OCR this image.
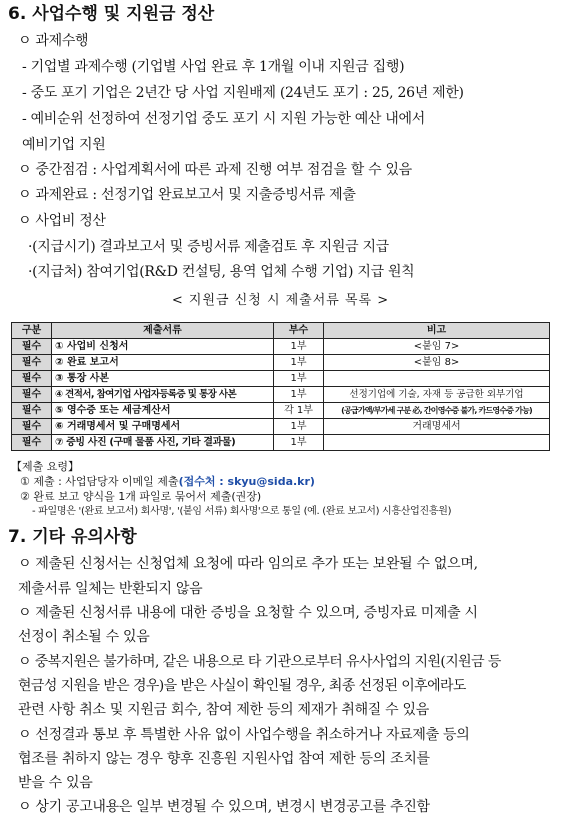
6. 사업수행 및 지원금 정산
ㅇ 과제수행
- 기업별 과제수행 (기업별 사업 완료 후 1개월 이내 지원금 집행)
- 중도 포기 기업은 2년간 당 사업 지원배제 (24년도 포기 : 25, 26년 제한)
- 예비순위 선정하여 선정기업 중도 포기 시 지원 가능한 예산 내에서
예비기업 지원
ㅇ 중간점검 : 사업계획서에 따른 과제 진행 여부 점검을 할 수 있음
ㅇ 과제완료 : 선정기업 완료보고서 및 지출증빙서류 제출
ㅇ 사업비 정산
·(지급시기) 결과보고서 및 증빙서류 제출검토 후 지원금 지급
·(지급처) 참여기업(R&D 컨설팅, 용역 업체 수행 기업) 지급 원칙
< 지원금 신청 시 제출서류 목록 >
구분	제출서류	부수	비고
필수	① 사업비 신청서	1부	<붙임 7>
필수	② 완료 보고서	1부	<붙임 8>
필수	③ 통장 사본	1부	
필수	④ 견적서, 참여기업 사업자등록증 및 통장 사본	1부	선정기업에 기술, 자재 등 공급한 외부기업
필수	⑤ 영수증 또는 세금계산서	각 1부	(공급가액/부가세 구분 必, 간이영수증 불가, 카드영수증 가능)
필수	⑥ 거래명세서 및 구매명세서	1부	거래명세서
필수	⑦ 증빙 사진 (구매 물품 사진, 기타 결과물)	1부	
【제출 요령】
① 제출 : 사업담당자 이메일 제출(접수처 : skyu@sida.kr)
② 완료 보고 양식을 1개 파일로 묶어서 제출(권장)
- 파일명은 '(완료 보고서) 회사명', '(붙임 서류) 회사명'으로 통일 (예. (완료 보고서) 시흥산업진흥원)
7. 기타 유의사항
ㅇ 제출된 신청서는 신청업체 요청에 따라 임의로 추가 또는 보완될 수 없으며,
제출서류 일체는 반환되지 않음
ㅇ 제출된 신청서류 내용에 대한 증빙을 요청할 수 있으며, 증빙자료 미제출 시
선정이 취소될 수 있음
ㅇ 중복지원은 불가하며, 같은 내용으로 타 기관으로부터 유사사업의 지원(지원금 등
현금성 지원을 받은 경우)을 받은 사실이 확인될 경우, 최종 선정된 이후에라도
관련 사항 취소 및 지원금 회수, 참여 제한 등의 제재가 취해질 수 있음
ㅇ 선정결과 통보 후 특별한 사유 없이 사업수행을 취소하거나 자료제출 등의
협조를 취하지 않는 경우 향후 진흥원 지원사업 참여 제한 등의 조치를
받을 수 있음
ㅇ 상기 공고내용은 일부 변경될 수 있으며, 변경시 변경공고를 추진함
